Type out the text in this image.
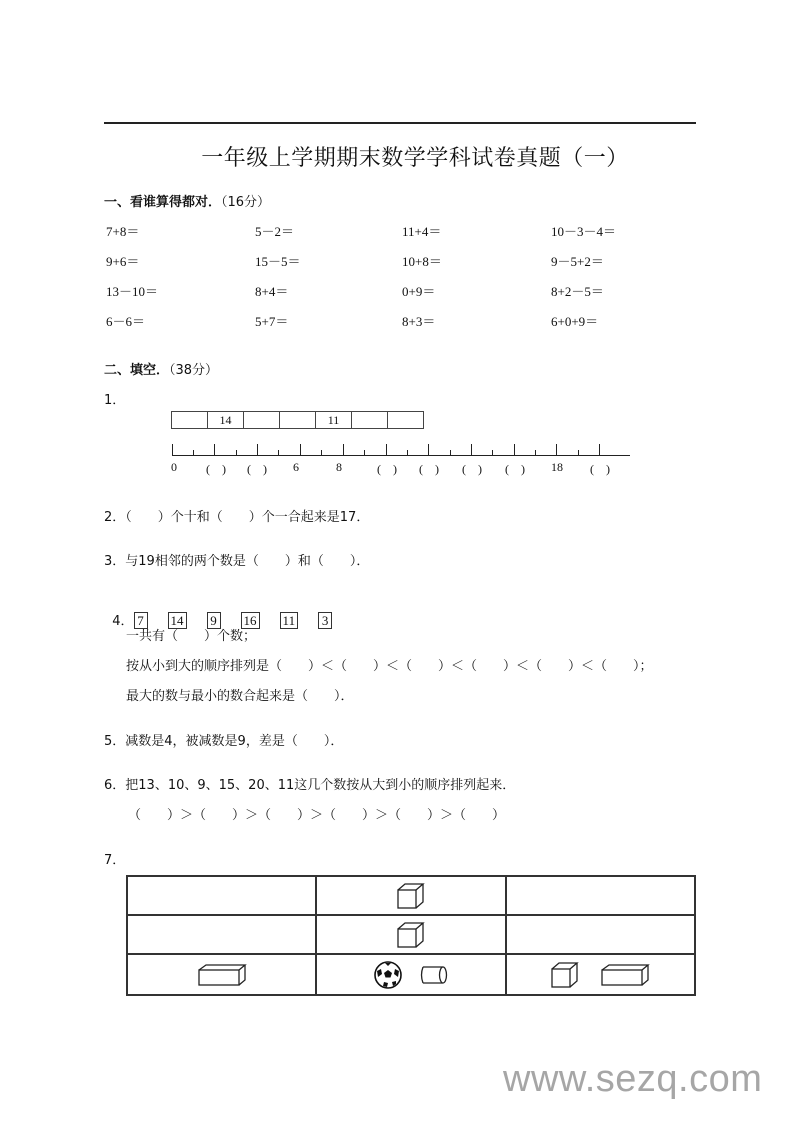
一年级上学期期末数学学科试卷真题（一）
一、看谁算得都对．（16分）
7+8＝	5－2＝	11+4＝	10－3－4＝
9+6＝	15－5＝	10+8＝	9－5+2＝
13－10＝	8+4＝	0+9＝	8+2－5＝
6－6＝	5+7＝	8+3＝	6+0+9＝
二、填空．（38分）
1．
14	11
0 (　) (　) 6	8	(　) (　) (　) (　) 18 (　)
2．（　　）个十和（　　）个一合起来是17．
3．与19相邻的两个数是（　　）和（　　）．

4． 7 14 9 16 11 3

一共有（　　）个数；
按从小到大的顺序排列是（　　）＜（　　）＜（　　）＜（　　）＜（　　）＜（　　）；
最大的数与最小的数合起来是（　　）．
5．减数是4，被减数是9，差是（　　）．
6．把13、10、9、15、20、11这几个数按从大到小的顺序排列起来．
（　　）＞（　　）＞（　　）＞（　　）＞（　　）＞（　　）
7．

www.sezq.com
